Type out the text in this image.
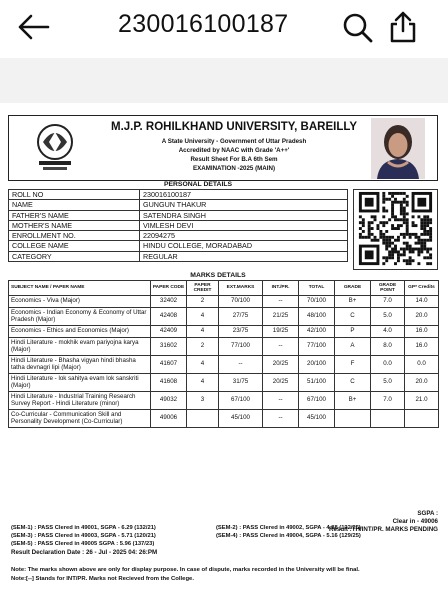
230016100187
M.J.P. ROHILKHAND UNIVERSITY, BAREILLY
A State University - Government of Uttar Pradesh
Accredited by NAAC with Grade 'A++'
Result Sheet For B.A 6th Sem
EXAMINATION -2025 (MAIN)
PERSONAL DETAILS
ROLL NO	230016100187
NAME	GUNGUN THAKUR
FATHER'S NAME	SATENDRA SINGH
MOTHER'S NAME	VIMLESH DEVI
ENROLLMENT NO.	22094275
COLLEGE NAME	HINDU COLLEGE, MORADABAD
CATEGORY	REGULAR
MARKS DETAILS
SUBJECT NAME / PAPER NAME	PAPER CODE	PAPER CREDIT	EXT.MARKS	INT./PR.	TOTAL	GRADE	GRADE POINT	GP* Credits
Economics - Viva (Major)	32402	2	70/100	--	70/100	B+	7.0	14.0
Economics - Indian Economy & Economy of Uttar Pradesh (Major)	42408	4	27/75	21/25	48/100	C	5.0	20.0
Economics - Ethics and Economics (Major)	42409	4	23/75	19/25	42/100	P	4.0	16.0
Hindi Literature - mokhik evam pariyojna karya (Major)	31602	2	77/100	--	77/100	A	8.0	16.0
Hindi Literature - Bhasha vigyan hindi bhasha tatha devnagri lipi (Major)	41607	4	--	20/25	20/100	F	0.0	0.0
Hindi Literature - lok sahitya evam lok sanskriti (Major)	41608	4	31/75	20/25	51/100	C	5.0	20.0
Hindi Literature - Industrial Training Research Survey Report - Hindi Literature (minor)	49032	3	67/100	--	67/100	B+	7.0	21.0
Co-Curricular - Communication Skill and Personality Development (Co-Curricular)	49006		45/100	--	45/100			
SGPA :
Clear in - 49006
Result :TH/INT/PR. MARKS PENDING
(SEM-1) : PASS Clered in 49001, SGPA - 6.29 (132/21)	(SEM-2) : PASS Clered in 49002, SGPA - 4.88 (122/25)
(SEM-3) : PASS Clered in 49003, SGPA - 5.71 (120/21)	(SEM-4) : PASS Clered in 49004, SGPA - 5.16 (129/25)
(SEM-5) : PASS Clered in 49005 SGPA : 5.96 (137/23)
Result Declaration Date : 26 - Jul - 2025 04: 26:PM
Note: The marks shown above are only for display purpose. In case of dispute, marks recorded in the University will be final.
Note:[--] Stands for INT/PR. Marks not Recieved from the College.
